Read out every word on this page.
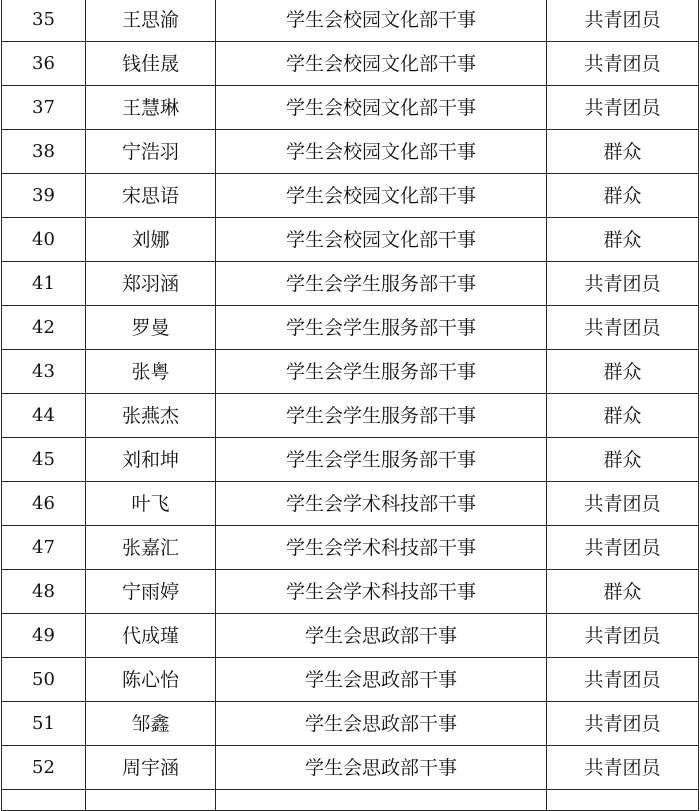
35	王思渝	学生会校园文化部干事	共青团员
36	钱佳晟	学生会校园文化部干事	共青团员
37	王慧琳	学生会校园文化部干事	共青团员
38	宁浩羽	学生会校园文化部干事	群众
39	宋思语	学生会校园文化部干事	群众
40	刘娜	学生会校园文化部干事	群众
41	郑羽涵	学生会学生服务部干事	共青团员
42	罗曼	学生会学生服务部干事	共青团员
43	张粤	学生会学生服务部干事	群众
44	张燕杰	学生会学生服务部干事	群众
45	刘和坤	学生会学生服务部干事	群众
46	叶飞	学生会学术科技部干事	共青团员
47	张嘉汇	学生会学术科技部干事	共青团员
48	宁雨婷	学生会学术科技部干事	群众
49	代成瑾	学生会思政部干事	共青团员
50	陈心怡	学生会思政部干事	共青团员
51	邹鑫	学生会思政部干事	共青团员
52	周宇涵	学生会思政部干事	共青团员
